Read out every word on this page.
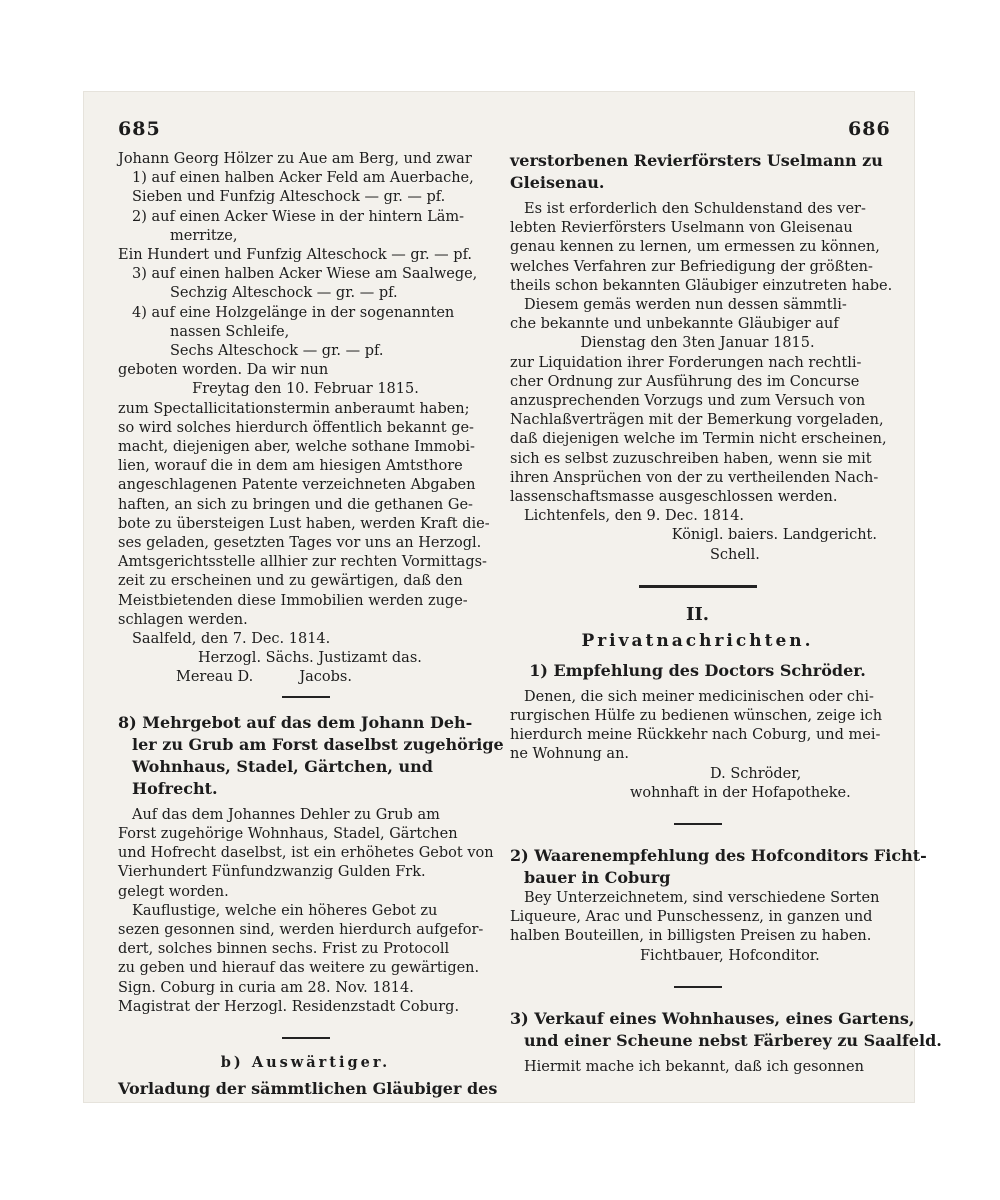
685	686
Johann Georg Hölzer zu Aue am Berg, und zwar
1) auf einen halben Acker Feld am Auerbache,
Sieben und Funfzig Alteschock — gr. — pf.
2) auf einen Acker Wiese in der hintern Läm-
merritze,
Ein Hundert und Funfzig Alteschock — gr. — pf.
3) auf einen halben Acker Wiese am Saalwege,
Sechzig Alteschock — gr. — pf.
4) auf eine Holzgelänge in der sogenannten
nassen Schleife,
Sechs Alteschock — gr. — pf.
geboten worden. Da wir nun
Freytag den 10. Februar 1815.
zum Spectallicitationstermin anberaumt haben;
so wird solches hierdurch öffentlich bekannt ge-
macht, diejenigen aber, welche sothane Immobi-
lien, worauf die in dem am hiesigen Amtsthore
angeschlagenen Patente verzeichneten Abgaben
haften, an sich zu bringen und die gethanen Ge-
bote zu übersteigen Lust haben, werden Kraft die-
ses geladen, gesetzten Tages vor uns an Herzogl.
Amtsgerichtsstelle allhier zur rechten Vormittags-
zeit zu erscheinen und zu gewärtigen, daß den
Meistbietenden diese Immobilien werden zuge-
schlagen werden.
Saalfeld, den 7. Dec. 1814.
Herzogl. Sächs. Justizamt das.
Mereau D.          Jacobs.
8) Mehrgebot auf das dem Johann Deh-
ler zu Grub am Forst daselbst zugehörige
Wohnhaus, Stadel, Gärtchen, und
Hofrecht.
Auf das dem Johannes Dehler zu Grub am
Forst zugehörige Wohnhaus, Stadel, Gärtchen
und Hofrecht daselbst, ist ein erhöhetes Gebot von
Vierhundert Fünfundzwanzig Gulden Frk.
gelegt worden.
Kauflustige, welche ein höheres Gebot zu
sezen gesonnen sind, werden hierdurch aufgefor-
dert, solches binnen sechs. Frist zu Protocoll
zu geben und hierauf das weitere zu gewärtigen.
Sign. Coburg in curia am 28. Nov. 1814.
Magistrat der Herzogl. Residenzstadt Coburg.
b) Auswärtiger.
Vorladung der sämmtlichen Gläubiger des
verstorbenen Revierförsters Uselmann zu
Gleisenau.
Es ist erforderlich den Schuldenstand des ver-
lebten Revierförsters Uselmann von Gleisenau
genau kennen zu lernen, um ermessen zu können,
welches Verfahren zur Befriedigung der größten-
theils schon bekannten Gläubiger einzutreten habe.
Diesem gemäs werden nun dessen sämmtli-
che bekannte und unbekannte Gläubiger auf
Dienstag den 3ten Januar 1815.
zur Liquidation ihrer Forderungen nach rechtli-
cher Ordnung zur Ausführung des im Concurse
anzusprechenden Vorzugs und zum Versuch von
Nachlaßverträgen mit der Bemerkung vorgeladen,
daß diejenigen welche im Termin nicht erscheinen,
sich es selbst zuzuschreiben haben, wenn sie mit
ihren Ansprüchen von der zu vertheilenden Nach-
lassenschaftsmasse ausgeschlossen werden.
Lichtenfels, den 9. Dec. 1814.
Königl. baiers. Landgericht.
Schell.
II.
Privatnachrichten.
1) Empfehlung des Doctors Schröder.
Denen, die sich meiner medicinischen oder chi-
rurgischen Hülfe zu bedienen wünschen, zeige ich
hierdurch meine Rückkehr nach Coburg, und mei-
ne Wohnung an.
D. Schröder,
wohnhaft in der Hofapotheke.
2) Waarenempfehlung des Hofconditors Ficht-
bauer in Coburg
Bey Unterzeichnetem, sind verschiedene Sorten
Liqueure, Arac und Punschessenz, in ganzen und
halben Bouteillen, in billigsten Preisen zu haben.
Fichtbauer, Hofconditor.
3) Verkauf eines Wohnhauses, eines Gartens,
und einer Scheune nebst Färberey zu Saalfeld.
Hiermit mache ich bekannt, daß ich gesonnen
